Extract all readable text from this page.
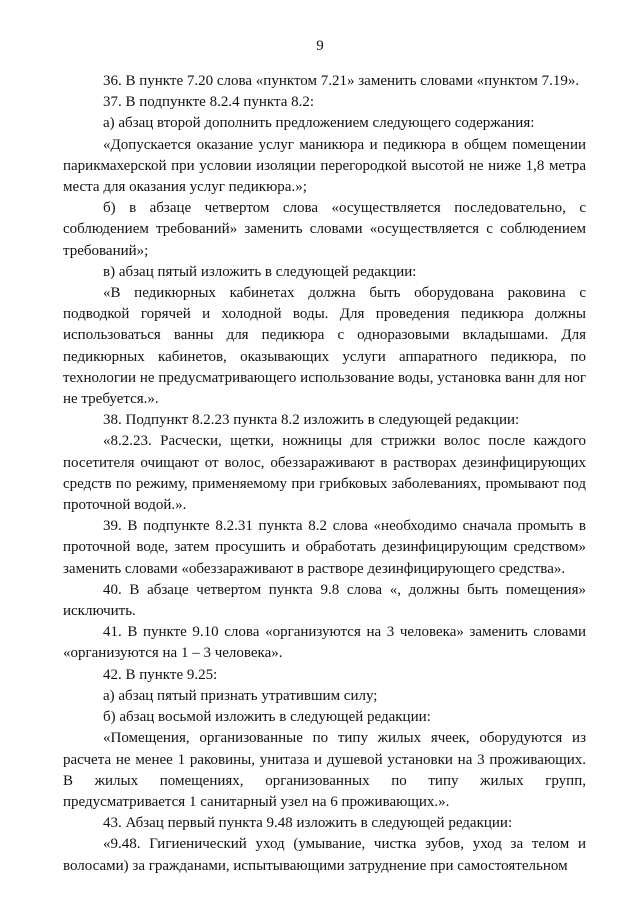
9

36. В пункте 7.20 слова «пунктом 7.21» заменить словами «пунктом 7.19».

37. В подпункте 8.2.4 пункта 8.2:

а) абзац второй дополнить предложением следующего содержания:

«Допускается оказание услуг маникюра и педикюра в общем помещении парикмахерской при условии изоляции перегородкой высотой не ниже 1,8 метра места для оказания услуг педикюра.»;

б) в абзаце четвертом слова «осуществляется последовательно, с соблюдением требований» заменить словами «осуществляется с соблюдением требований»;

в) абзац пятый изложить в следующей редакции:

«В педикюрных кабинетах должна быть оборудована раковина с подводкой горячей и холодной воды. Для проведения педикюра должны использоваться ванны для педикюра с одноразовыми вкладышами. Для педикюрных кабинетов, оказывающих услуги аппаратного педикюра, по технологии не предусматривающего использование воды, установка ванн для ног не требуется.».

38. Подпункт 8.2.23 пункта 8.2 изложить в следующей редакции:

«8.2.23. Расчески, щетки, ножницы для стрижки волос после каждого посетителя очищают от волос, обеззараживают в растворах дезинфицирующих средств по режиму, применяемому при грибковых заболеваниях, промывают под проточной водой.».

39. В подпункте 8.2.31 пункта 8.2 слова «необходимо сначала промыть в проточной воде, затем просушить и обработать дезинфицирующим средством» заменить словами «обеззараживают в растворе дезинфицирующего средства».

40. В абзаце четвертом пункта 9.8 слова «, должны быть помещения» исключить.

41. В пункте 9.10 слова «организуются на 3 человека» заменить словами «организуются на 1 – 3 человека».

42. В пункте 9.25:

а) абзац пятый признать утратившим силу;

б) абзац восьмой изложить в следующей редакции:

«Помещения, организованные по типу жилых ячеек, оборудуются из расчета не менее 1 раковины, унитаза и душевой установки на 3 проживающих. В жилых помещениях, организованных по типу жилых групп, предусматривается 1 санитарный узел на 6 проживающих.».

43. Абзац первый пункта 9.48 изложить в следующей редакции:

«9.48. Гигиенический уход (умывание, чистка зубов, уход за телом и волосами) за гражданами, испытывающими затруднение при самостоятельном
